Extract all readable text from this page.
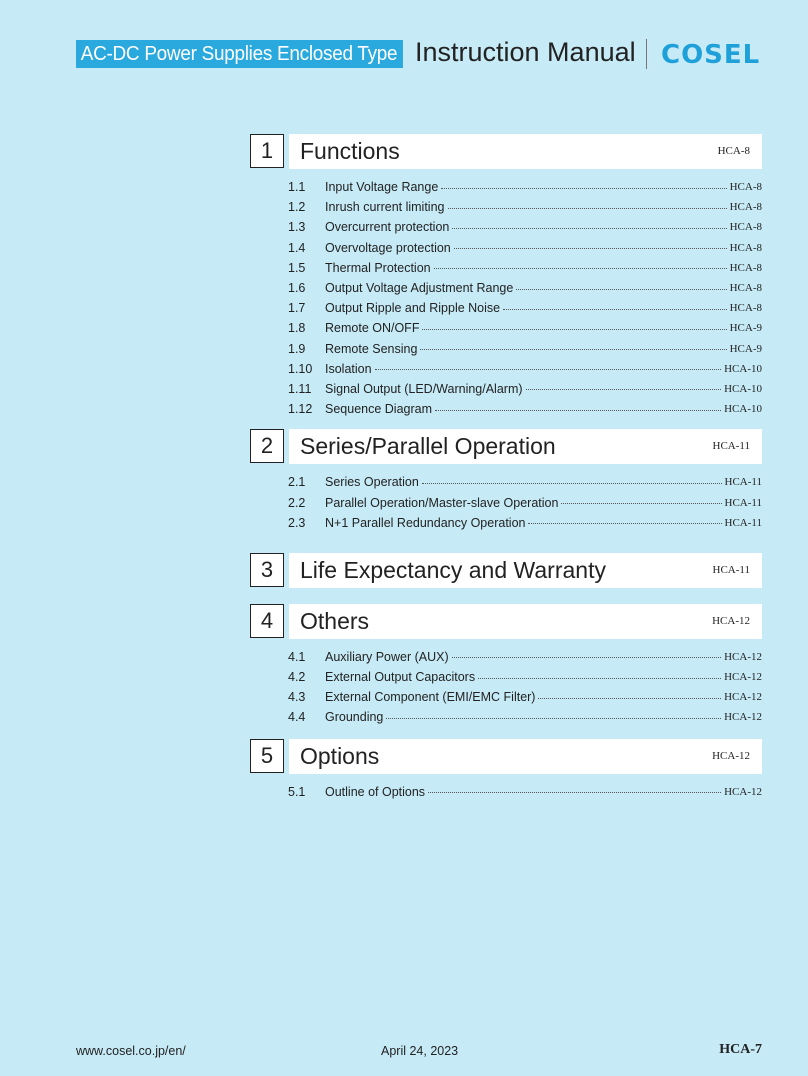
AC-DC Power Supplies Enclosed Type Instruction Manual COSEL
1	Functions	HCA-8
1.1	Input Voltage Range	HCA-8
1.2	Inrush current limiting	HCA-8
1.3	Overcurrent protection	HCA-8
1.4	Overvoltage protection	HCA-8
1.5	Thermal Protection	HCA-8
1.6	Output Voltage Adjustment Range	HCA-8
1.7	Output Ripple and Ripple Noise	HCA-8
1.8	Remote ON/OFF	HCA-9
1.9	Remote Sensing	HCA-9
1.10	Isolation	HCA-10
1.11	Signal Output (LED/Warning/Alarm)	HCA-10
1.12	Sequence Diagram	HCA-10
2	Series/Parallel Operation	HCA-11
2.1	Series Operation	HCA-11
2.2	Parallel Operation/Master-slave Operation	HCA-11
2.3	N+1 Parallel Redundancy Operation	HCA-11
3	Life Expectancy and Warranty	HCA-11
4	Others	HCA-12
4.1	Auxiliary Power (AUX)	HCA-12
4.2	External Output Capacitors	HCA-12
4.3	External Component (EMI/EMC Filter)	HCA-12
4.4	Grounding	HCA-12
5	Options	HCA-12
5.1	Outline of Options	HCA-12
www.cosel.co.jp/en/	April 24, 2023	HCA-7
